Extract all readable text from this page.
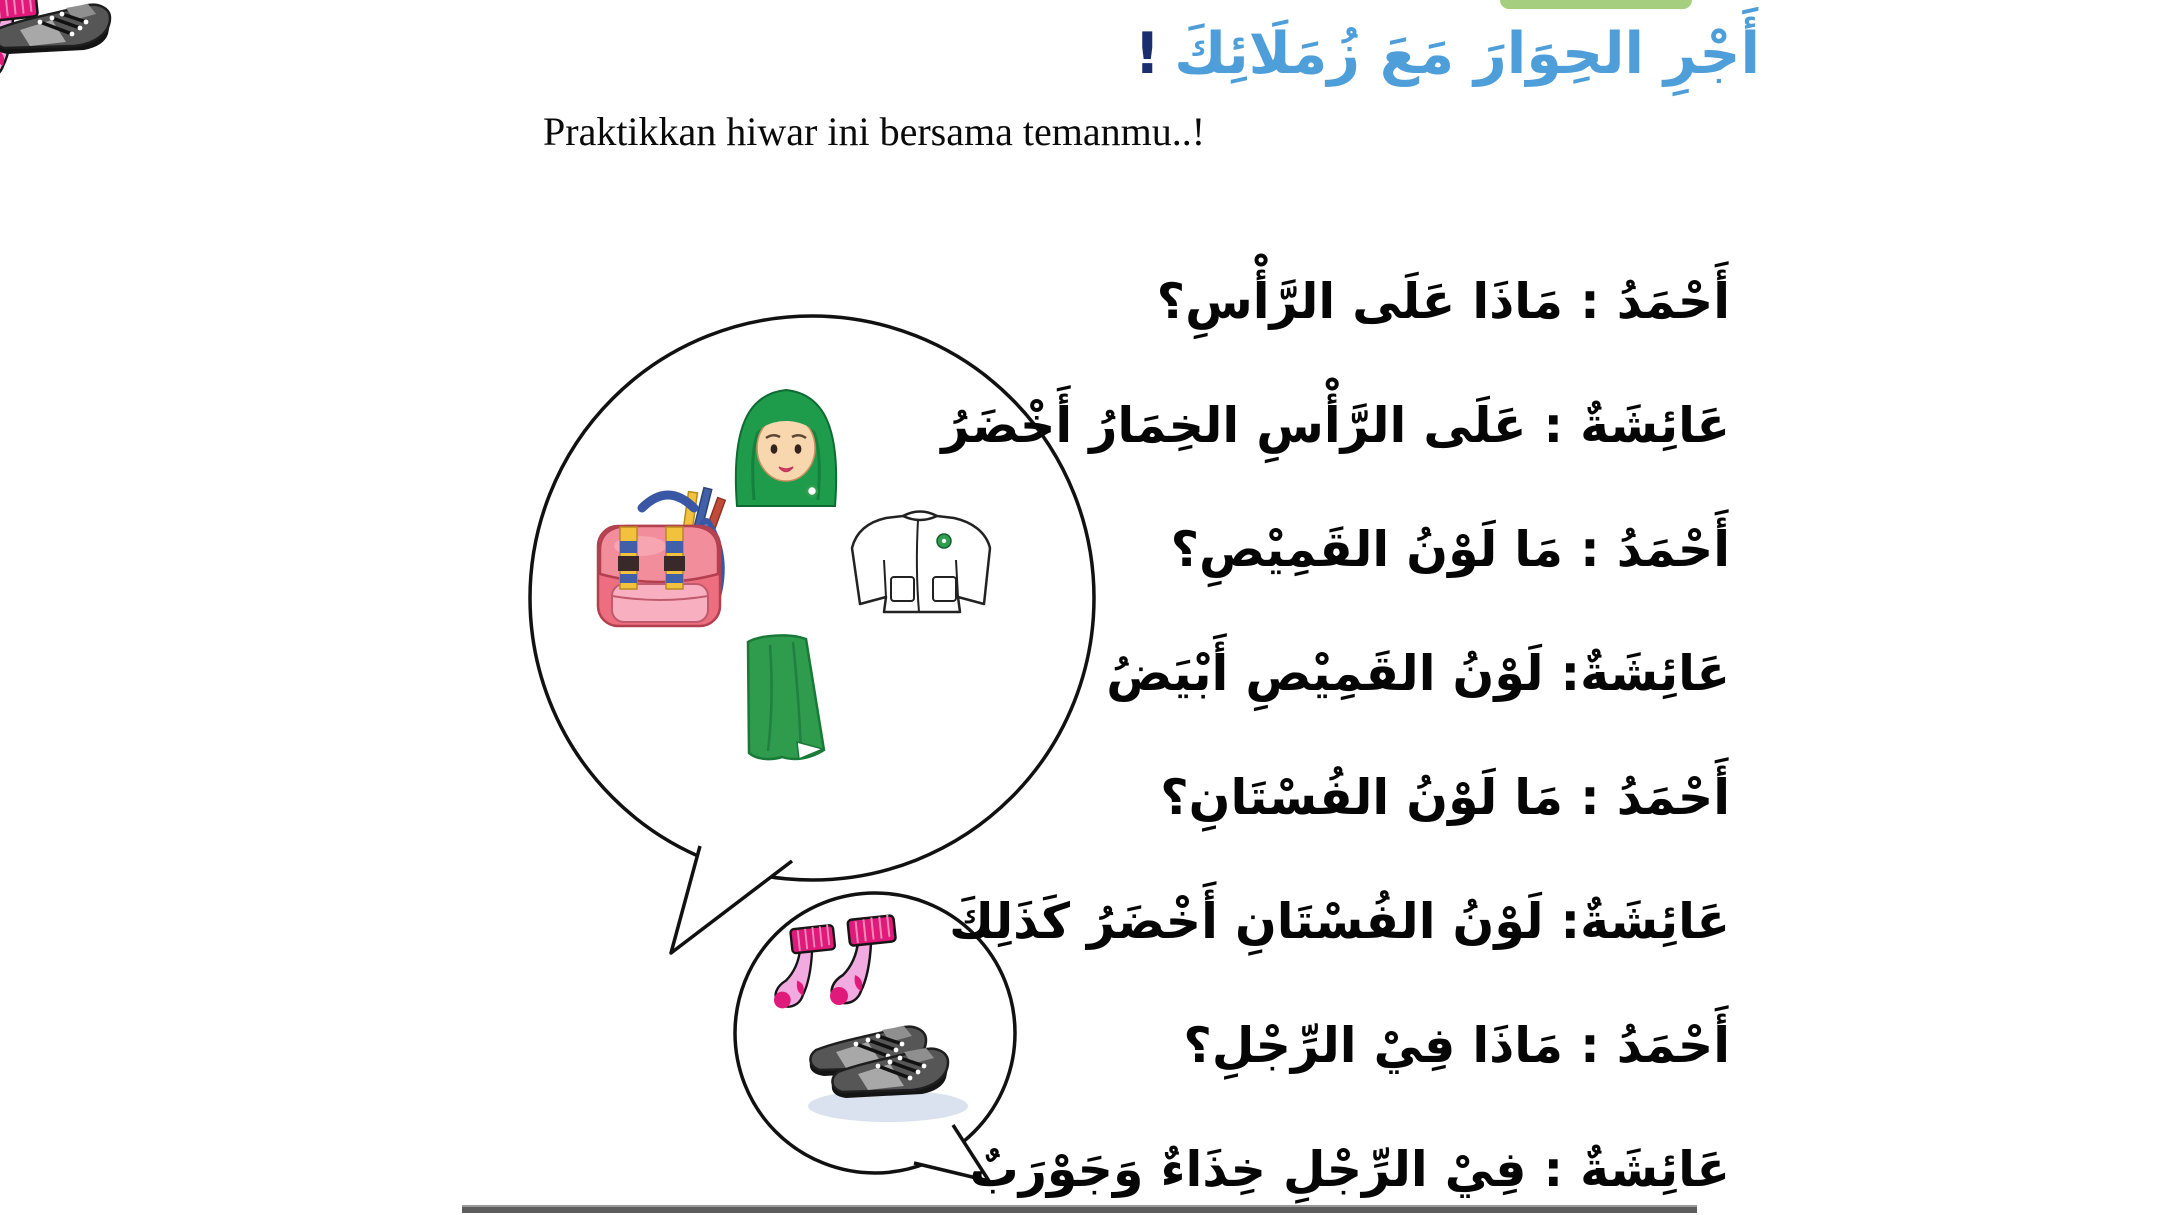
أَجْرِ الحِوَارَ مَعَ زُمَلَائِكَ!
Praktikkan hiwar ini bersama temanmu..!
أَحْمَدُ : مَاذَا عَلَى الرَّأْسِ؟
عَائِشَةٌ : عَلَى الرَّأْسِ الخِمَارُ أَخْضَرُ
أَحْمَدُ : مَا لَوْنُ القَمِيْصِ؟
عَائِشَةٌ: لَوْنُ القَمِيْصِ أَبْيَضُ
أَحْمَدُ : مَا لَوْنُ الفُسْتَانِ؟
عَائِشَةٌ: لَوْنُ الفُسْتَانِ أَخْضَرُ كَذَلِكَ
أَحْمَدُ : مَاذَا فِيْ الرِّجْلِ؟
عَائِشَةٌ : فِيْ الرِّجْلِ خِذَاءٌ وَجَوْرَبٌ
